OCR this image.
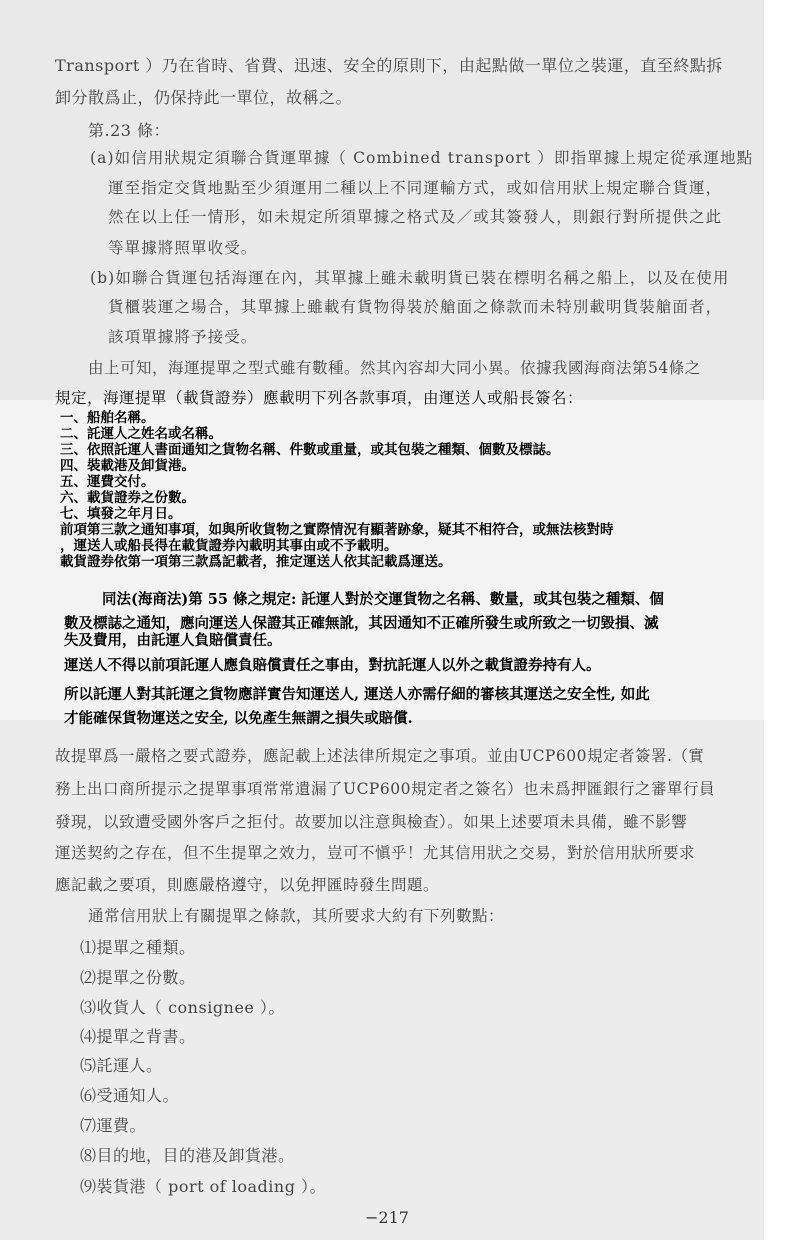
Transport ）乃在省時、省費、迅速、安全的原則下，由起點做一單位之裝運，直至終點拆
卸分散爲止，仍保持此一單位，故稱之。
第.23 條：
(a)如信用狀規定須聯合貨運單據（ Combined transport ）即指單據上規定從承運地點
運至指定交貨地點至少須運用二種以上不同運輸方式，或如信用狀上規定聯合貨運，
然在以上任一情形，如未規定所須單據之格式及／或其簽發人，則銀行對所提供之此
等單據將照單收受。
(b)如聯合貨運包括海運在內，其單據上雖未載明貨已裝在標明名稱之船上，以及在使用
貨櫃裝運之場合，其單據上雖載有貨物得裝於艙面之條款而未特別載明貨裝艙面者，
該項單據將予接受。
由上可知，海運提單之型式雖有數種。然其內容却大同小異。依據我國海商法第54條之
規定，海運提單（載貨證券）應載明下列各款事項，由運送人或船長簽名：
一、船舶名稱。
二、託運人之姓名或名稱。
三、依照託運人書面通知之貨物名稱、件數或重量，或其包裝之種類、個數及標誌。
四、裝載港及卸貨港。
五、運費交付。
六、載貨證券之份數。
七、填發之年月日。
前項第三款之通知事項，如與所收貨物之實際情況有顯著跡象，疑其不相符合，或無法核對時
，運送人或船長得在載貨證券內載明其事由或不予載明。
載貨證券依第一項第三款爲記載者，推定運送人依其記載爲運送。
同法(海商法)第 55 條之規定: 託運人對於交運貨物之名稱、數量，或其包裝之種類、個
數及標誌之通知，應向運送人保證其正確無訛，其因通知不正確所發生或所致之一切毀損、滅
失及費用，由託運人負賠償責任。
運送人不得以前項託運人應負賠償責任之事由，對抗託運人以外之載貨證券持有人。
所以託運人對其託運之貨物應詳實告知運送人, 運送人亦需仔細的審核其運送之安全性, 如此
才能確保貨物運送之安全, 以免產生無謂之損失或賠償.
故提單爲一嚴格之要式證券，應記載上述法律所規定之事項。並由UCP600規定者簽署.（實
務上出口商所提示之提單事項常常遺漏了UCP600規定者之簽名）也未爲押匯銀行之審單行員
發現，以致遭受國外客戶之拒付。故要加以注意與檢查）。如果上述要項未具備，雖不影響
運送契約之存在，但不生提單之效力，豈可不愼乎！尤其信用狀之交易，對於信用狀所要求
應記載之要項，則應嚴格遵守，以免押匯時發生問題。
通常信用狀上有關提單之條款，其所要求大約有下列數點：
⑴提單之種類。
⑵提單之份數。
⑶收貨人（ consignee ）。
⑷提單之背書。
⑸託運人。
⑹受通知人。
⑺運費。
⑻目的地，目的港及卸貨港。
⑼裝貨港（ port of loading ）。
−217
